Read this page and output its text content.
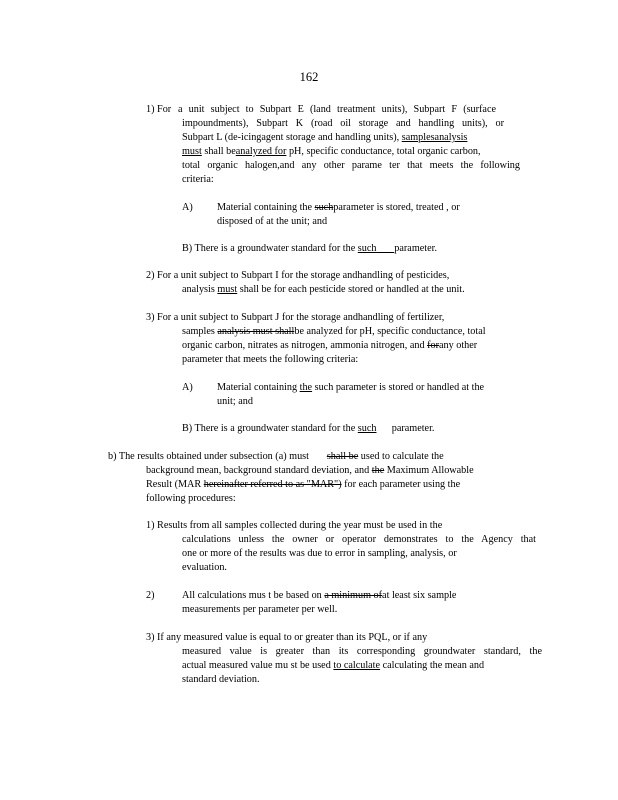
162
1) For a unit subject to Subpart E (land treatment units), Subpart F (surface
impoundments), Subpart K (road oil storage and handling units), or
Subpart L (de-icingagent storage and handling units), samplesanalysis
must shall beanalyzed for pH, specific conductance, total organic carbon,
total organic halogen,and any other parame ter that meets the following
criteria:
A) Material containing the suchparameter is stored, treated , or
disposed of at the unit; and
B) There is a groundwater standard for the such parameter.
2) For a unit subject to Subpart I for the storage andhandling of pesticides,
analysis must shall be for each pesticide stored or handled at the unit.
3) For a unit subject to Subpart J for the storage andhandling of fertilizer,
samples analysis must shallbe analyzed for pH, specific conductance, total
organic carbon, nitrates as nitrogen, ammonia nitrogen, and forany other
parameter that meets the following criteria:
A) Material containing the such parameter is stored or handled at the
unit; and
B) There is a groundwater standard for the such parameter.
b) The results obtained under subsection (a) must shall be used to calculate the
background mean, background standard deviation, and the Maximum Allowable
Result (MAR hereinafter referred to as "MAR") for each parameter using the
following procedures:
1) Results from all samples collected during the year must be used in the
calculations unless the owner or operator demonstrates to the Agency that
one or more of the results was due to error in sampling, analysis, or
evaluation.
2)	All calculations mus t be based on a minimum ofat least six sample
measurements per parameter per well.
3) If any measured value is equal to or greater than its PQL, or if any
measured value is greater than its corresponding groundwater standard, the
actual measured value mu st be used to calculate calculating the mean and
standard deviation.
